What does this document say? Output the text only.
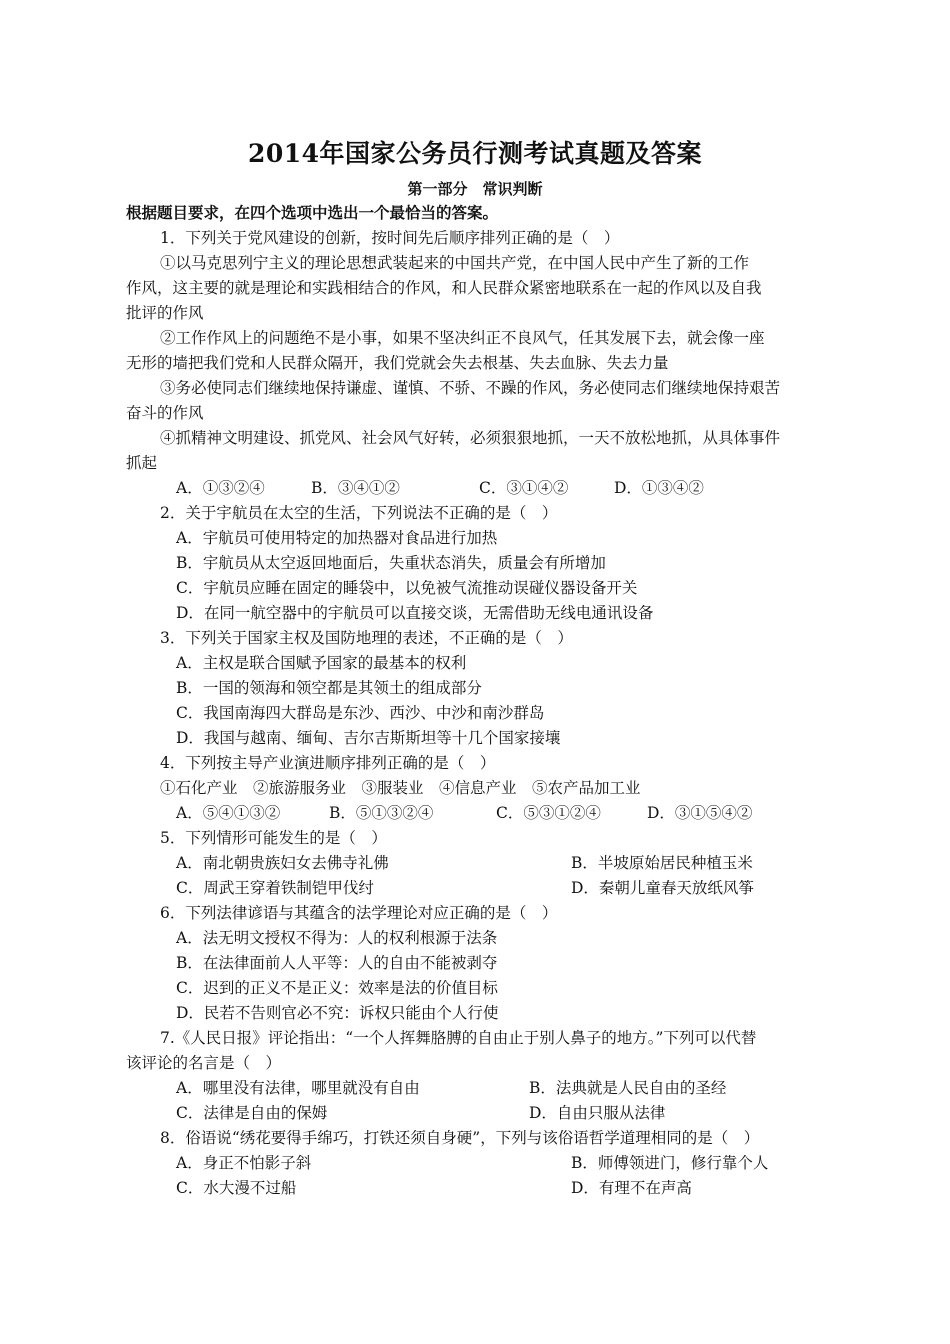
2014年国家公务员行测考试真题及答案
第一部分　常识判断
根据题目要求，在四个选项中选出一个最恰当的答案。
1．下列关于党风建设的创新，按时间先后顺序排列正确的是（　）
①以马克思列宁主义的理论思想武装起来的中国共产党，在中国人民中产生了新的工作
作风，这主要的就是理论和实践相结合的作风，和人民群众紧密地联系在一起的作风以及自我
批评的作风
②工作作风上的问题绝不是小事，如果不坚决纠正不良风气，任其发展下去，就会像一座
无形的墙把我们党和人民群众隔开，我们党就会失去根基、失去血脉、失去力量
③务必使同志们继续地保持谦虚、谨慎、不骄、不躁的作风，务必使同志们继续地保持艰苦
奋斗的作风
④抓精神文明建设、抓党风、社会风气好转，必须狠狠地抓，一天不放松地抓，从具体事件
抓起
A．①③②④	B．③④①②	C．③①④②	D．①③④②
2．关于宇航员在太空的生活，下列说法不正确的是（　）
A．宇航员可使用特定的加热器对食品进行加热
B．宇航员从太空返回地面后，失重状态消失，质量会有所增加
C．宇航员应睡在固定的睡袋中，以免被气流推动误碰仪器设备开关
D．在同一航空器中的宇航员可以直接交谈，无需借助无线电通讯设备
3．下列关于国家主权及国防地理的表述，不正确的是（　）
A．主权是联合国赋予国家的最基本的权利
B．一国的领海和领空都是其领土的组成部分
C．我国南海四大群岛是东沙、西沙、中沙和南沙群岛
D．我国与越南、缅甸、吉尔吉斯斯坦等十几个国家接壤
4．下列按主导产业演进顺序排列正确的是（　）
①石化产业　②旅游服务业　③服装业　④信息产业　⑤农产品加工业
A．⑤④①③②	B．⑤①③②④	C．⑤③①②④	D．③①⑤④②
5．下列情形可能发生的是（　）
A．南北朝贵族妇女去佛寺礼佛	B．半坡原始居民种植玉米
C．周武王穿着铁制铠甲伐纣	D．秦朝儿童春天放纸风筝
6．下列法律谚语与其蕴含的法学理论对应正确的是（　）
A．法无明文授权不得为：人的权利根源于法条
B．在法律面前人人平等：人的自由不能被剥夺
C．迟到的正义不是正义：效率是法的价值目标
D．民若不告则官必不究：诉权只能由个人行使
7.《人民日报》评论指出：“一个人挥舞胳膊的自由止于别人鼻子的地方。”下列可以代替
该评论的名言是（　）
A．哪里没有法律，哪里就没有自由	B．法典就是人民自由的圣经
C．法律是自由的保姆	D．自由只服从法律
8．俗语说“绣花要得手绵巧，打铁还须自身硬”，下列与该俗语哲学道理相同的是（　）
A．身正不怕影子斜	B．师傅领进门，修行靠个人
C．水大漫不过船	D．有理不在声高
